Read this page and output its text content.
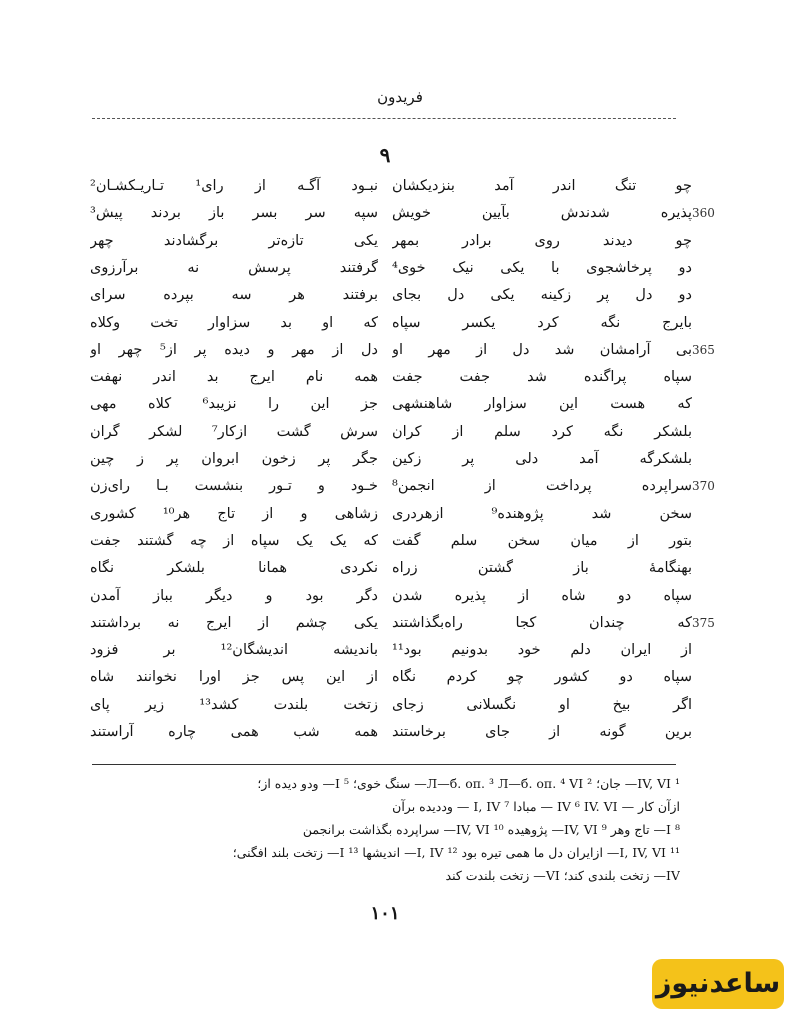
فريدون
۹
چو تنگ اندر آمد بنزدیکشان
نبـود آگـه از رای¹ تـاریـکشـان²
پذیره شدندش بآیین خویش
سپه سر بسر باز بردند پیش³	360
چو دیدند روی برادر بمهر
یکی تازه‌تر برگشادند چهر
دو پرخاشجوی با یکی نیک خوی⁴
گرفتند پرسش نه برآرزوی
دو دل پر زکینه یکی دل بجای
برفتند هر سه بپرده سرای
بایرج نگه کرد یکسر سپاه
که او بد سزاوار تخت وکلاه
بی آرامشان شد دل از مهر او
دل از مهر و دیده پر از⁵ چهر او	365
سپاه پراگنده شد جفت جفت
همه نام ایرج بد اندر نهفت
که هست این سزاوار شاهنشهی
جز این را نزیبد⁶ کلاه مهی
بلشکر نگه کرد سلم از کران
سرش گشت ازکار⁷ لشکر گران
بلشکرگه آمد دلی پر زکین
جگر پر زخون ابروان پر ز چین
سراپرده پرداخت از انجمن⁸
خـود و تـور بنشست بـا رای‌زن	370
سخن شد پژوهنده⁹ ازهردری
زشاهی و از تاج هر¹⁰ کشوری
بتور از میان سخن سلم گفت
که یک یک سپاه از چه گشتند جفت
بهنگامهٔ باز گشتن زراه
نکردی همانا بلشکر نگاه
سپاه دو شاه از پذیره شدن
دگر بود و دیگر بباز آمدن
که چندان کجا راه‌بگذاشتند
یکی چشم از ایرج نه برداشتند	375
از ایران دلم خود بدونیم بود¹¹
باندیشه اندیشگان¹² بر فزود
سپاه دو کشور چو کردم نگاه
از این پس جز اورا نخوانند شاه
اگر بیخ او نگسلانی زجای
زتخت بلندت کشد¹³ زیر پای
برین گونه از جای برخاستند
همه شب همی چاره آراستند
¹ IV, VI— جان؛ ² Л—б. оп. ³ Л—б. оп. ⁴ VI— سنگ خوی؛ ⁵ I— ودو دیده از؛
ازآن کار — IV ⁶ IV. VI — مبادا ⁷ I, IV — وددیده برآن
⁸ I— تاج وهر ⁹ IV, VI— پژوهیده ¹⁰ IV, VI— سراپرده بگذاشت برانجمن
¹¹ I, IV, VI— ازایران دل ما همی تیره بود ¹² I, IV— اندیشها ¹³ I— زتخت بلند افگنی؛
IV— زتخت بلندی کند؛ VI— زتخت بلندت کند
۱۰۱
ساعدنیوز
